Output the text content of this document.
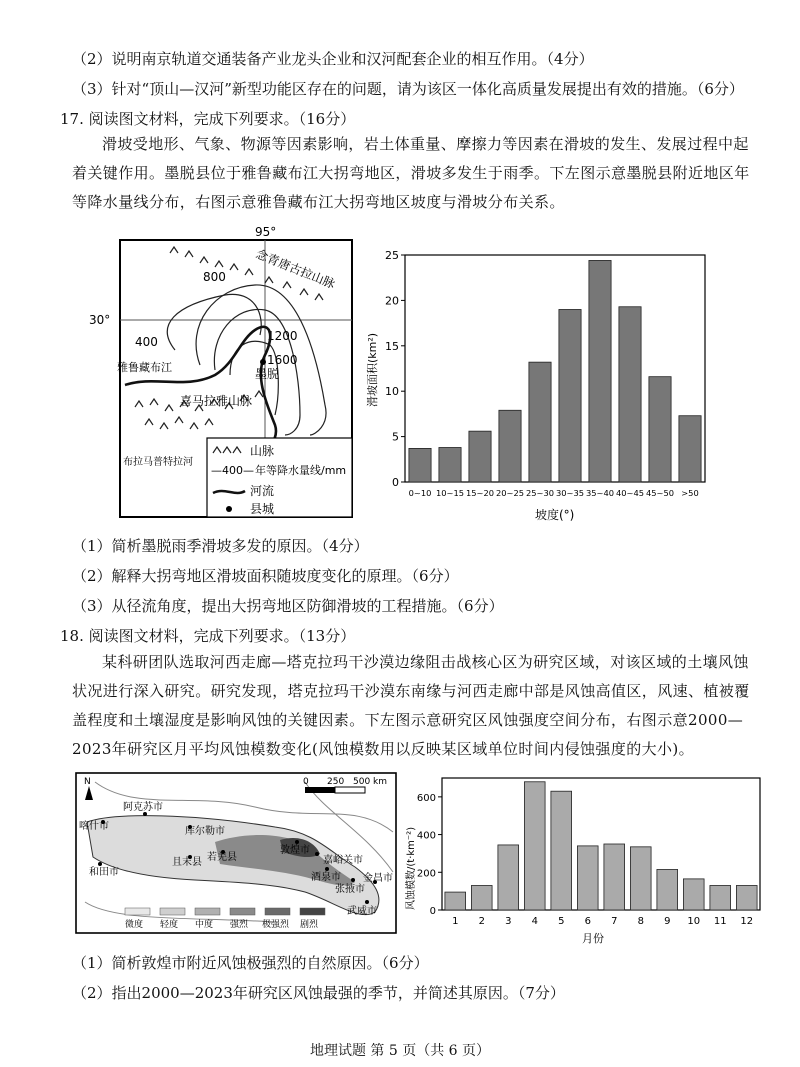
（2）说明南京轨道交通装备产业龙头企业和汉河配套企业的相互作用。（4分）
（3）针对“顶山—汉河”新型功能区存在的问题，请为该区一体化高质量发展提出有效的措施。（6分）
17. 阅读图文材料，完成下列要求。（16分）
滑坡受地形、气象、物源等因素影响，岩土体重量、摩擦力等因素在滑坡的发生、发展过程中起着关键作用。墨脱县位于雅鲁藏布江大拐弯地区，滑坡多发生于雨季。下左图示意墨脱县附近地区年等降水量线分布，右图示意雅鲁藏布江大拐弯地区坡度与滑坡分布关系。
95°
30°
念青唐古拉山脉
800
400	1200
1600
雅鲁藏布江	墨脱
喜马拉雅山脉
布拉马普特拉河
山脉
—400— 年等降水量线/mm
河流
县城
滑坡面积(km²)
坡度(°)
0
5
10
15
20
25
0~10 10~15 15~20 20~25 25~30 30~35 35~40 40~45 45~50 >50
（1）简析墨脱雨季滑坡多发的原因。（4分）
（2）解释大拐弯地区滑坡面积随坡度变化的原理。（6分）
（3）从径流角度，提出大拐弯地区防御滑坡的工程措施。（6分）
18. 阅读图文材料，完成下列要求。（13分）
某科研团队选取河西走廊—塔克拉玛干沙漠边缘阻击战核心区为研究区域，对该区域的土壤风蚀状况进行深入研究。研究发现，塔克拉玛干沙漠东南缘与河西走廊中部是风蚀高值区，风速、植被覆盖程度和土壤湿度是影响风蚀的关键因素。下左图示意研究区风蚀强度空间分布，右图示意2000—2023年研究区月平均风蚀模数变化(风蚀模数用以反映某区域单位时间内侵蚀强度的大小)。
N	0 250 500 km
喀什市
阿克苏市
库尔勒市
且末县 若羌县
敦煌市
嘉峪关市
和田市	酒泉市
张掖市
金昌市
武威市
微度 轻度 中度 强烈 极强烈 剧烈
风蚀模数/(t·km⁻²)
月份
0
200
400
600
1 2 3 4 5 6 7 8 9 10 11 12
（1）简析敦煌市附近风蚀极强烈的自然原因。（6分）
（2）指出2000—2023年研究区风蚀最强的季节，并简述其原因。（7分）
地理试题 第 5 页（共 6 页）
